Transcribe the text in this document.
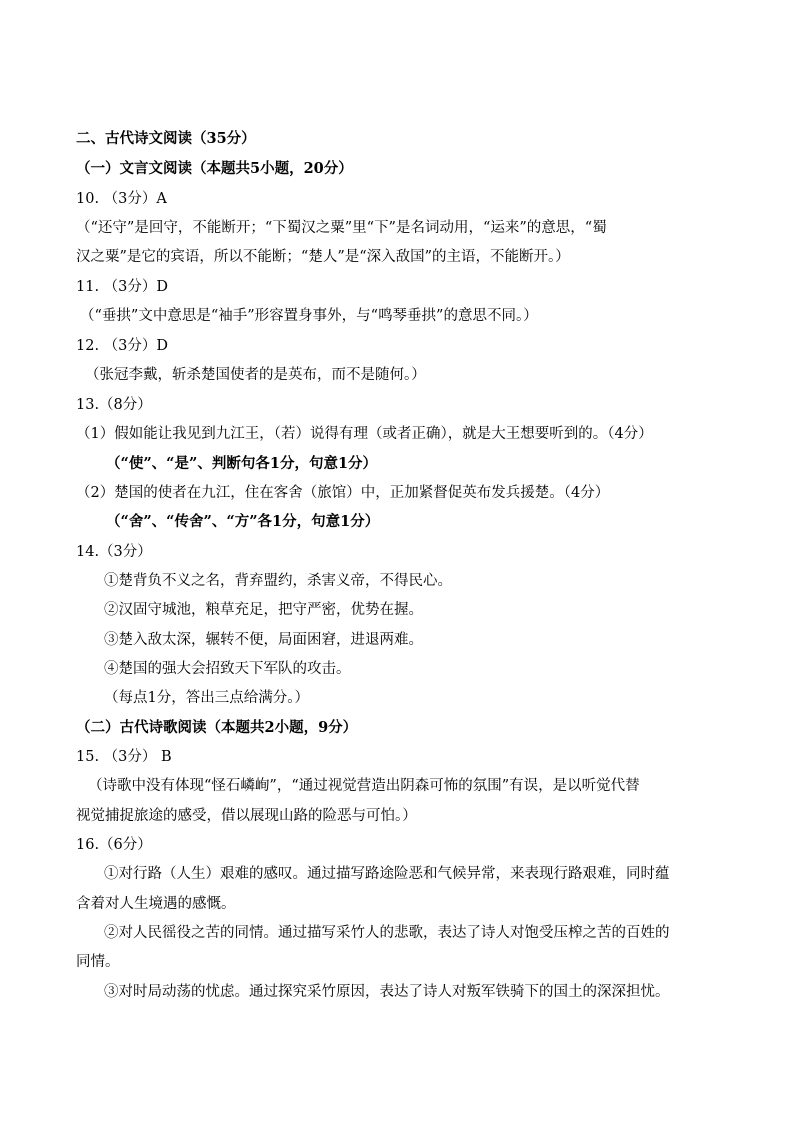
二、古代诗文阅读（35分）
（一）文言文阅读（本题共5小题，20分）
10. （3分）A
（“还守”是回守，不能断开；“下蜀汉之粟”里“下”是名词动用，“运来”的意思，“蜀
汉之粟”是它的宾语，所以不能断；“楚人”是“深入敌国”的主语，不能断开。）
11. （3分）D
（“垂拱”文中意思是“袖手”形容置身事外，与“鸣琴垂拱”的意思不同。）
12. （3分）D
（张冠李戴，斩杀楚国使者的是英布，而不是随何。）
13.（8分）
（1）假如能让我见到九江王，（若）说得有理（或者正确），就是大王想要听到的。（4分）
（“使”、“是”、判断句各1分，句意1分）
（2）楚国的使者在九江，住在客舍（旅馆）中，正加紧督促英布发兵援楚。（4分）
（“舍”、“传舍”、“方”各1分，句意1分）
14.（3分）
①楚背负不义之名，背弃盟约，杀害义帝，不得民心。
②汉固守城池，粮草充足，把守严密，优势在握。
③楚入敌太深，辗转不便，局面困窘，进退两难。
④楚国的强大会招致天下军队的攻击。
（每点1分，答出三点给满分。）
（二）古代诗歌阅读（本题共2小题，9分）
15. （3分） B
（诗歌中没有体现“怪石嶙峋”，“通过视觉营造出阴森可怖的氛围”有误，是以听觉代替
视觉捕捉旅途的感受，借以展现山路的险恶与可怕。）
16.（6分）
①对行路（人生）艰难的感叹。通过描写路途险恶和气候异常，来表现行路艰难，同时蕴
含着对人生境遇的感慨。
②对人民徭役之苦的同情。通过描写采竹人的悲歌，表达了诗人对饱受压榨之苦的百姓的
同情。
③对时局动荡的忧虑。通过探究采竹原因，表达了诗人对叛军铁骑下的国土的深深担忧。
